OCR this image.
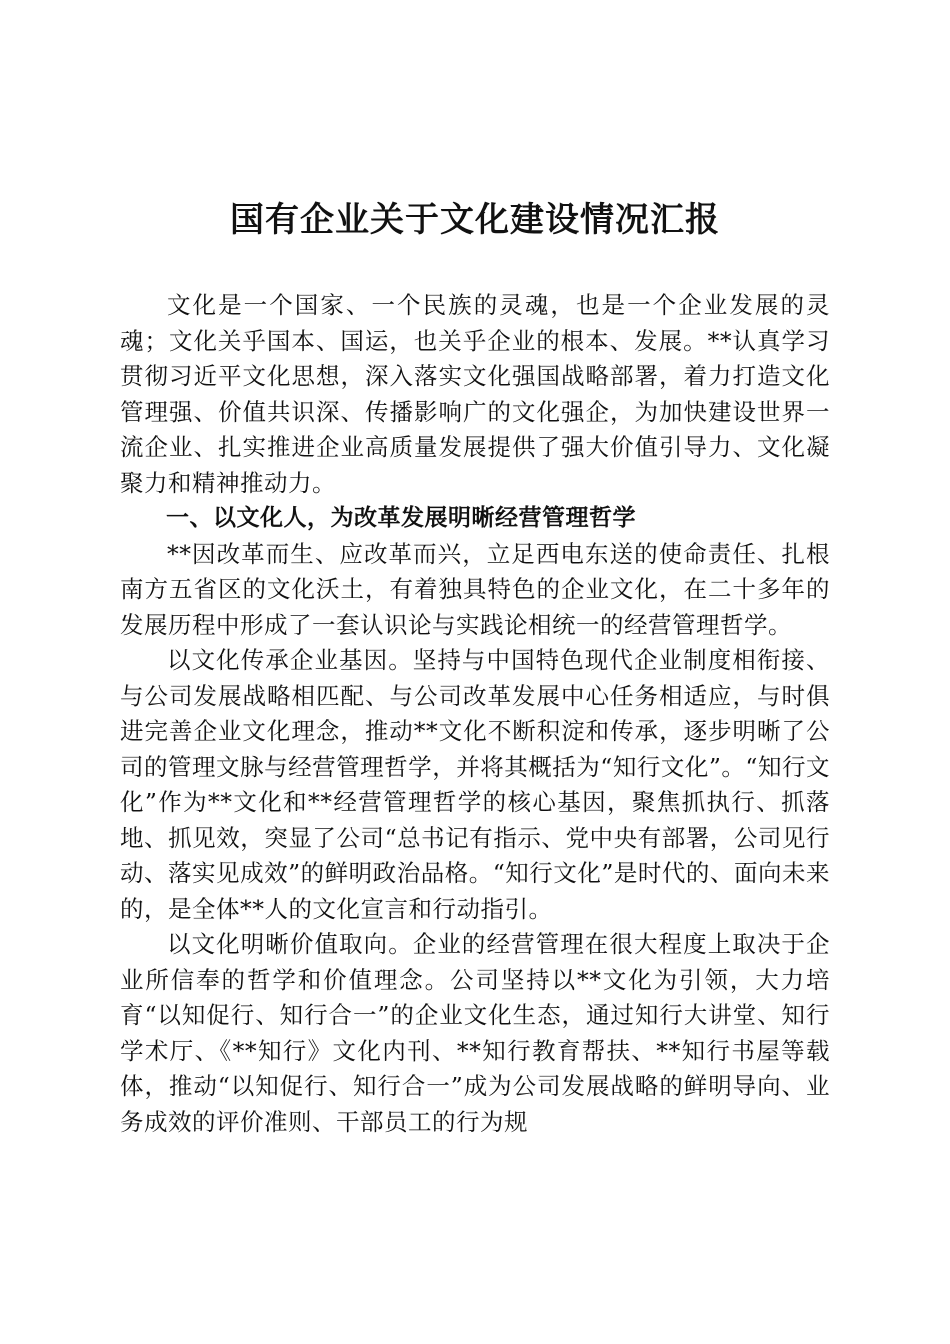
国有企业关于文化建设情况汇报

文化是一个国家、一个民族的灵魂，也是一个企业发展的灵魂；文化关乎国本、国运，也关乎企业的根本、发展。**认真学习贯彻习近平文化思想，深入落实文化强国战略部署，着力打造文化管理强、价值共识深、传播影响广的文化强企，为加快建设世界一流企业、扎实推进企业高质量发展提供了强大价值引导力、文化凝聚力和精神推动力。

一、以文化人，为改革发展明晰经营管理哲学

**因改革而生、应改革而兴，立足西电东送的使命责任、扎根南方五省区的文化沃土，有着独具特色的企业文化，在二十多年的发展历程中形成了一套认识论与实践论相统一的经营管理哲学。

以文化传承企业基因。坚持与中国特色现代企业制度相衔接、与公司发展战略相匹配、与公司改革发展中心任务相适应，与时俱进完善企业文化理念，推动**文化不断积淀和传承，逐步明晰了公司的管理文脉与经营管理哲学，并将其概括为“知行文化”。“知行文化”作为**文化和**经营管理哲学的核心基因，聚焦抓执行、抓落地、抓见效，突显了公司“总书记有指示、党中央有部署，公司见行动、落实见成效”的鲜明政治品格。“知行文化”是时代的、面向未来的，是全体**人的文化宣言和行动指引。

以文化明晰价值取向。企业的经营管理在很大程度上取决于企业所信奉的哲学和价值理念。公司坚持以**文化为引领，大力培育“以知促行、知行合一”的企业文化生态，通过知行大讲堂、知行学术厅、《**知行》文化内刊、**知行教育帮扶、**知行书屋等载体，推动“以知促行、知行合一”成为公司发展战略的鲜明导向、业务成效的评价准则、干部员工的行为规
